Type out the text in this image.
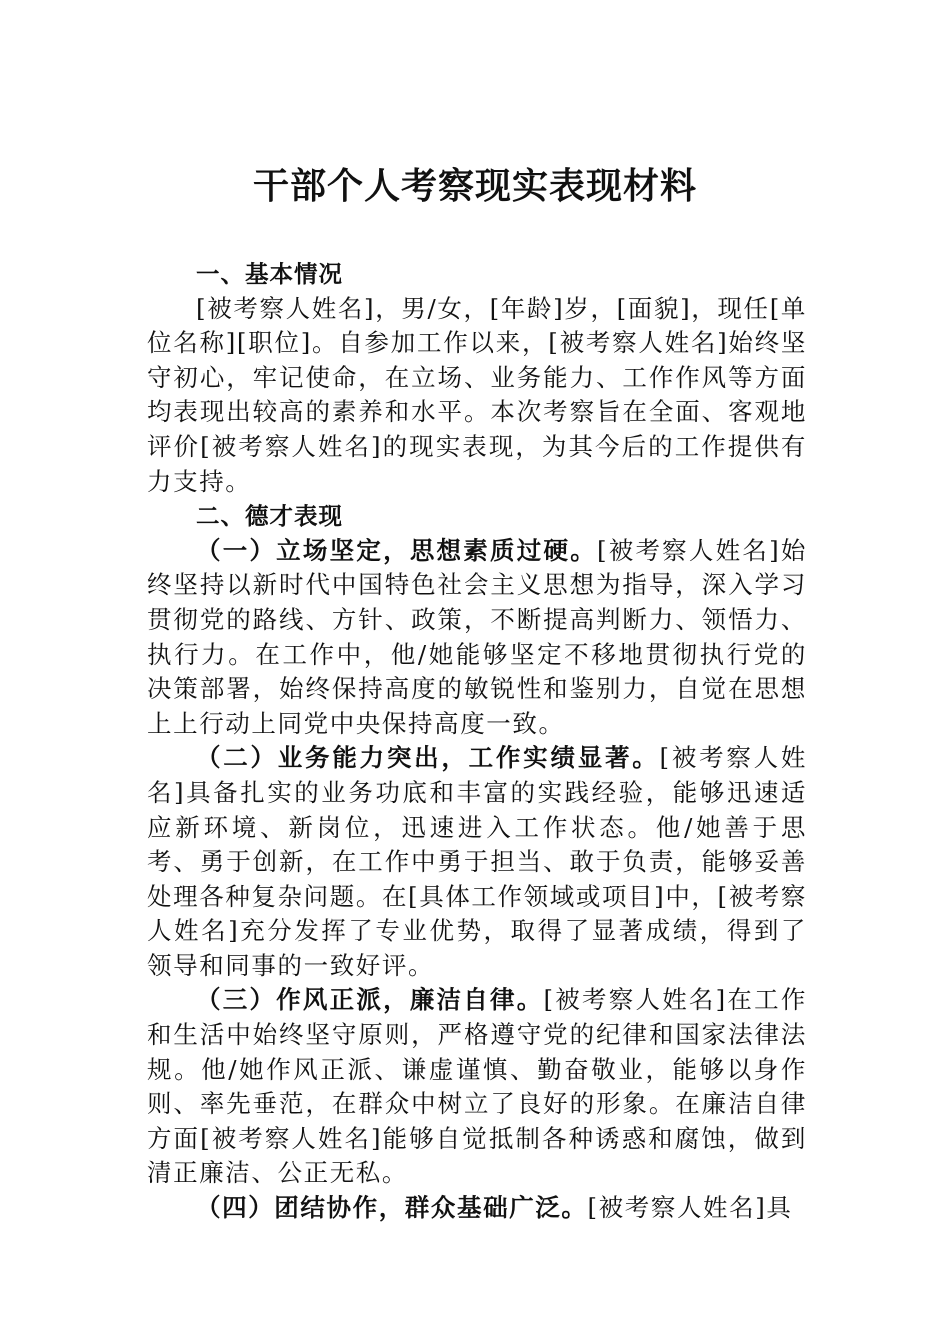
干部个人考察现实表现材料
一、基本情况

[被考察人姓名]，男/女，[年龄]岁，[面貌]，现任[单位名称][职位]。自参加工作以来，[被考察人姓名]始终坚守初心，牢记使命，在立场、业务能力、工作作风等方面均表现出较高的素养和水平。本次考察旨在全面、客观地评价[被考察人姓名]的现实表现，为其今后的工作提供有力支持。

二、德才表现

（一）立场坚定，思想素质过硬。[被考察人姓名]始终坚持以新时代中国特色社会主义思想为指导，深入学习贯彻党的路线、方针、政策，不断提高判断力、领悟力、执行力。在工作中，他/她能够坚定不移地贯彻执行党的决策部署，始终保持高度的敏锐性和鉴别力，自觉在思想上上行动上同党中央保持高度一致。

（二）业务能力突出，工作实绩显著。[被考察人姓名]具备扎实的业务功底和丰富的实践经验，能够迅速适应新环境、新岗位，迅速进入工作状态。他/她善于思考、勇于创新，在工作中勇于担当、敢于负责，能够妥善处理各种复杂问题。在[具体工作领域或项目]中，[被考察人姓名]充分发挥了专业优势，取得了显著成绩，得到了领导和同事的一致好评。

（三）作风正派，廉洁自律。[被考察人姓名]在工作和生活中始终坚守原则，严格遵守党的纪律和国家法律法规。他/她作风正派、谦虚谨慎、勤奋敬业，能够以身作则、率先垂范，在群众中树立了良好的形象。在廉洁自律方面[被考察人姓名]能够自觉抵制各种诱惑和腐蚀，做到清正廉洁、公正无私。

（四）团结协作，群众基础广泛。[被考察人姓名]具
